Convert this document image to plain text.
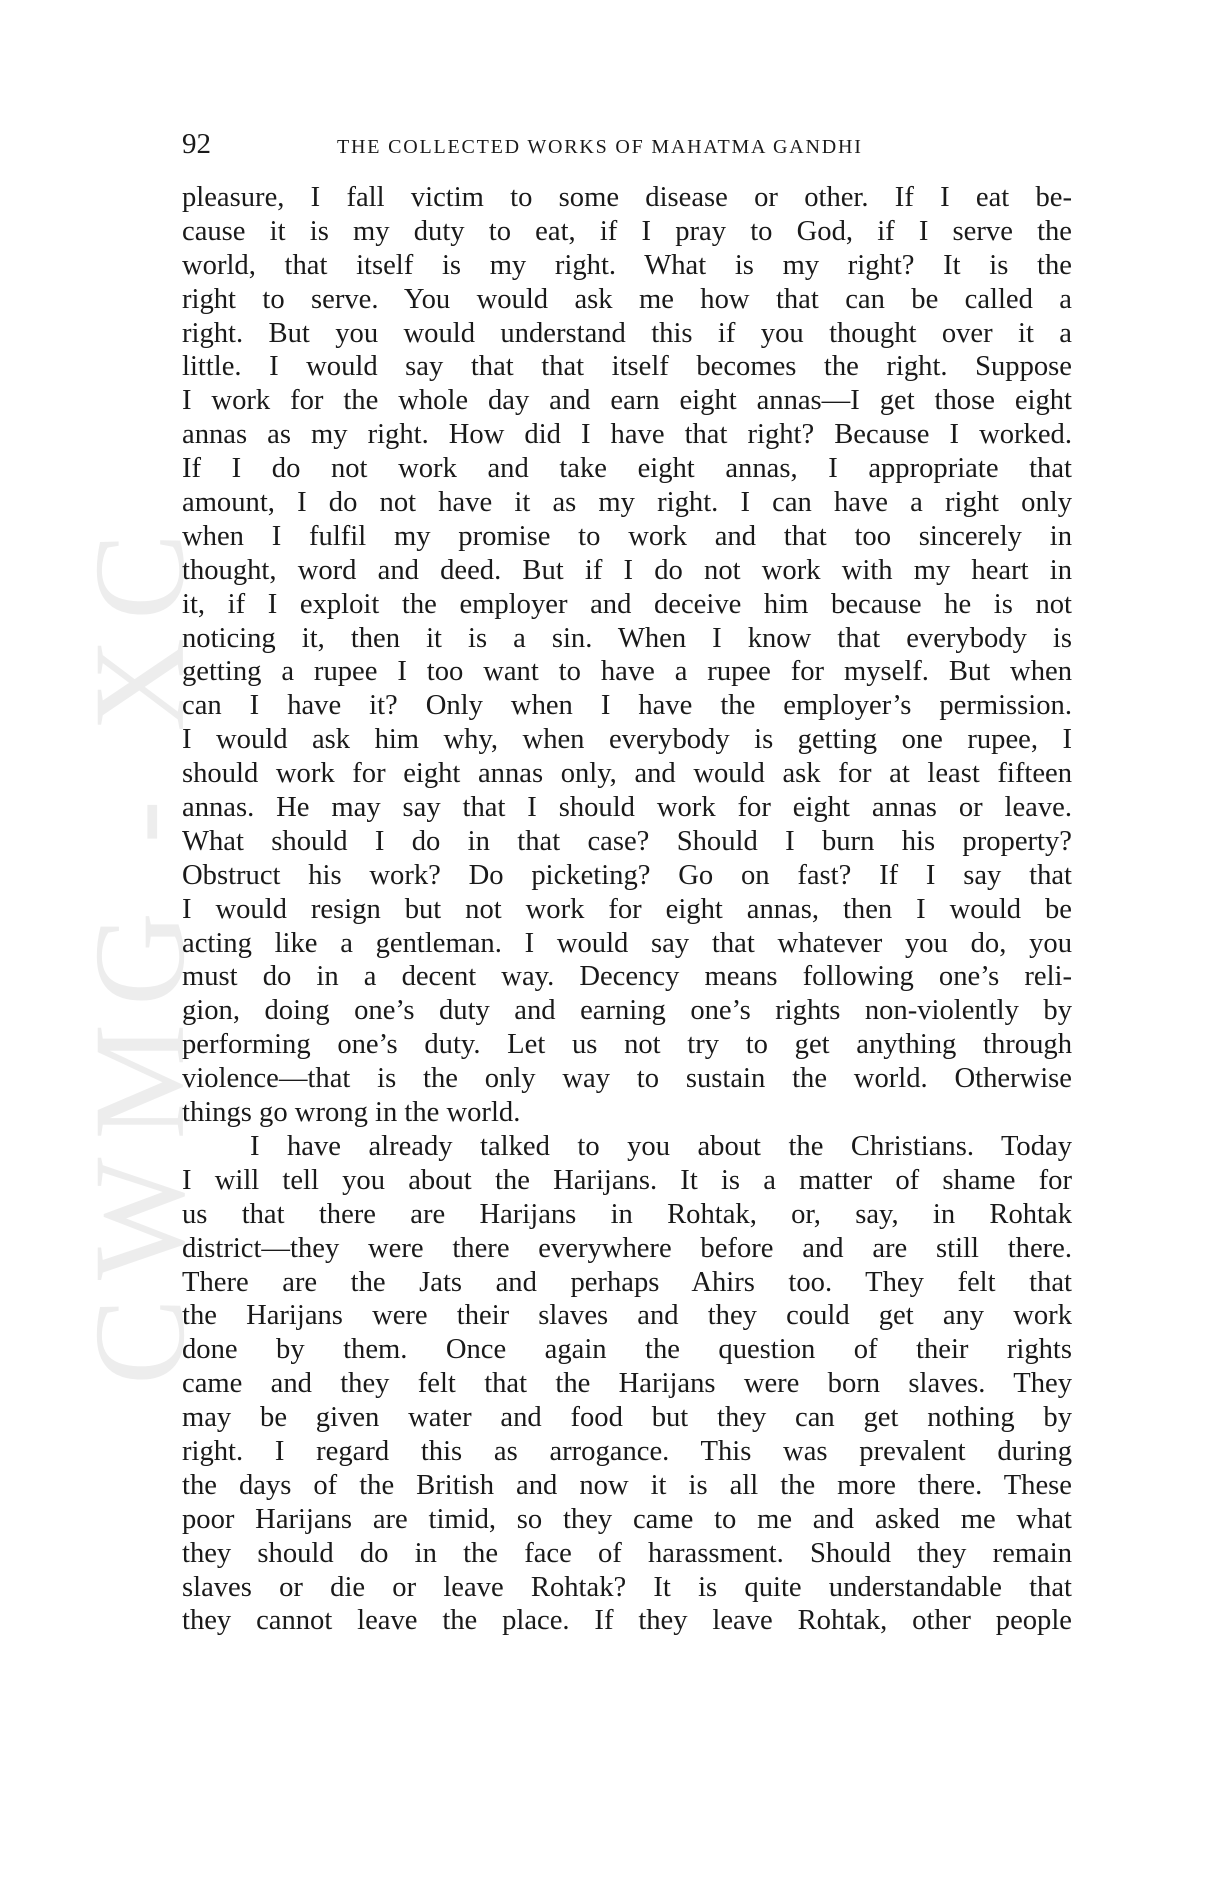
CWMG - XC
92	THE COLLECTED WORKS OF MAHATMA GANDHI
pleasure, I fall victim to some disease or other. If I eat be-
cause it is my duty to eat, if I pray to God, if I serve the
world, that itself is my right. What is my right? It is the
right to serve. You would ask me how that can be called a
right. But you would understand this if you thought over it a
little. I would say that that itself becomes the right. Suppose
I work for the whole day and earn eight annas—I get those eight
annas as my right. How did I have that right? Because I worked.
If I do not work and take eight annas, I appropriate that
amount, I do not have it as my right. I can have a right only
when I fulfil my promise to work and that too sincerely in
thought, word and deed. But if I do not work with my heart in
it, if I exploit the employer and deceive him because he is not
noticing it, then it is a sin. When I know that everybody is
getting a rupee I too want to have a rupee for myself. But when
can I have it? Only when I have the employer’s permission.
I would ask him why, when everybody is getting one rupee, I
should work for eight annas only, and would ask for at least fifteen
annas. He may say that I should work for eight annas or leave.
What should I do in that case? Should I burn his property?
Obstruct his work? Do picketing? Go on fast? If I say that
I would resign but not work for eight annas, then I would be
acting like a gentleman. I would say that whatever you do, you
must do in a decent way. Decency means following one’s reli-
gion, doing one’s duty and earning one’s rights non-violently by
performing one’s duty. Let us not try to get anything through
violence—that is the only way to sustain the world. Otherwise
things go wrong in the world.
I have already talked to you about the Christians. Today
I will tell you about the Harijans. It is a matter of shame for
us that there are Harijans in Rohtak, or, say, in Rohtak
district—they were there everywhere before and are still there.
There are the Jats and perhaps Ahirs too. They felt that
the Harijans were their slaves and they could get any work
done by them. Once again the question of their rights
came and they felt that the Harijans were born slaves. They
may be given water and food but they can get nothing by
right. I regard this as arrogance. This was prevalent during
the days of the British and now it is all the more there. These
poor Harijans are timid, so they came to me and asked me what
they should do in the face of harassment. Should they remain
slaves or die or leave Rohtak? It is quite understandable that
they cannot leave the place. If they leave Rohtak, other people
